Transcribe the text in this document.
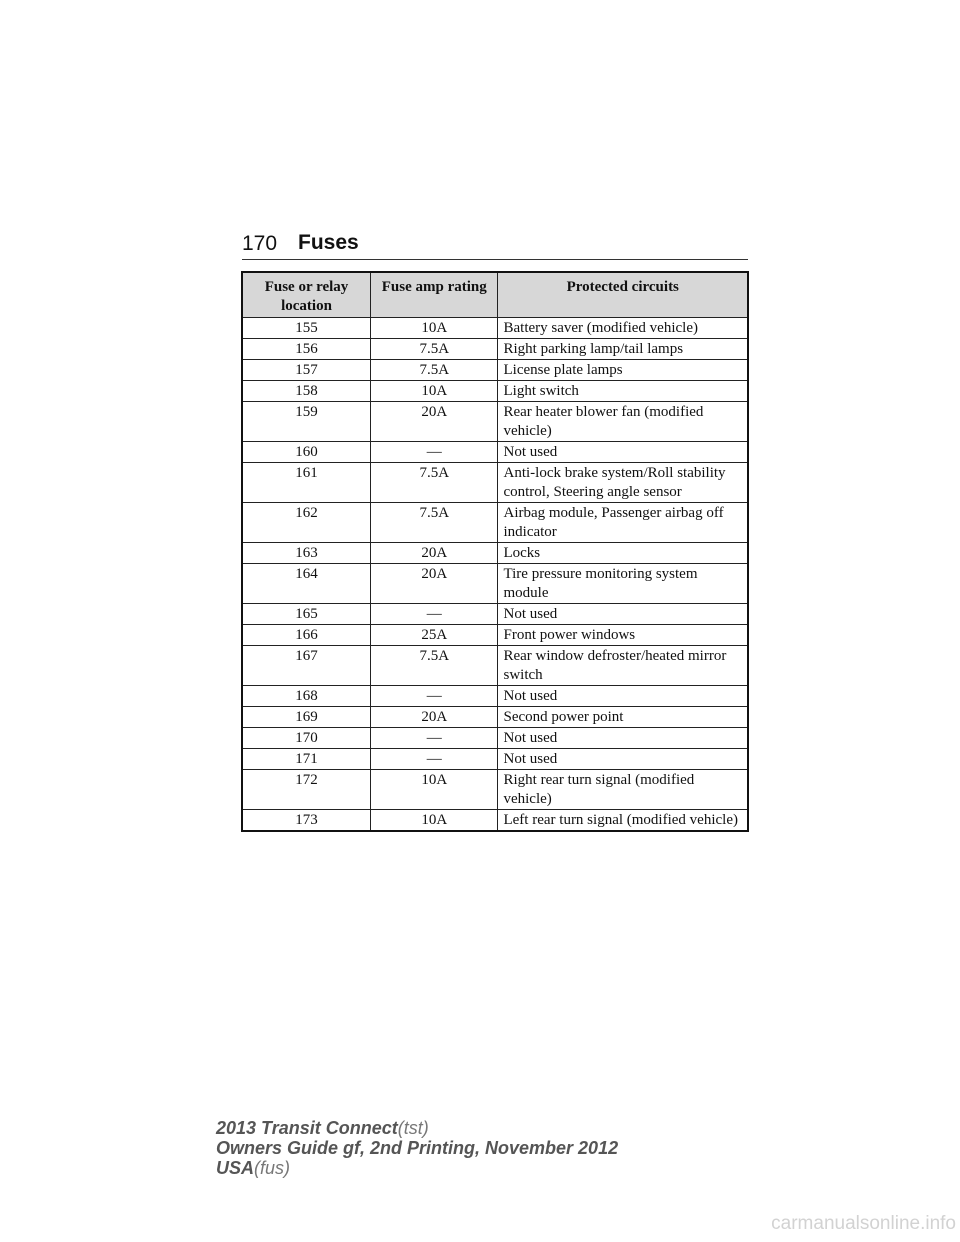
170 Fuses
Fuse or relay location	Fuse amp rating	Protected circuits
155	10A	Battery saver (modified vehicle)
156	7.5A	Right parking lamp/tail lamps
157	7.5A	License plate lamps
158	10A	Light switch
159	20A	Rear heater blower fan (modified vehicle)
160	—	Not used
161	7.5A	Anti-lock brake system/Roll stability control, Steering angle sensor
162	7.5A	Airbag module, Passenger airbag off indicator
163	20A	Locks
164	20A	Tire pressure monitoring system module
165	—	Not used
166	25A	Front power windows
167	7.5A	Rear window defroster/heated mirror switch
168	—	Not used
169	20A	Second power point
170	—	Not used
171	—	Not used
172	10A	Right rear turn signal (modified vehicle)
173	10A	Left rear turn signal (modified vehicle)
2013 Transit Connect(tst)
Owners Guide gf, 2nd Printing, November 2012
USA(fus)
carmanualsonline.info
